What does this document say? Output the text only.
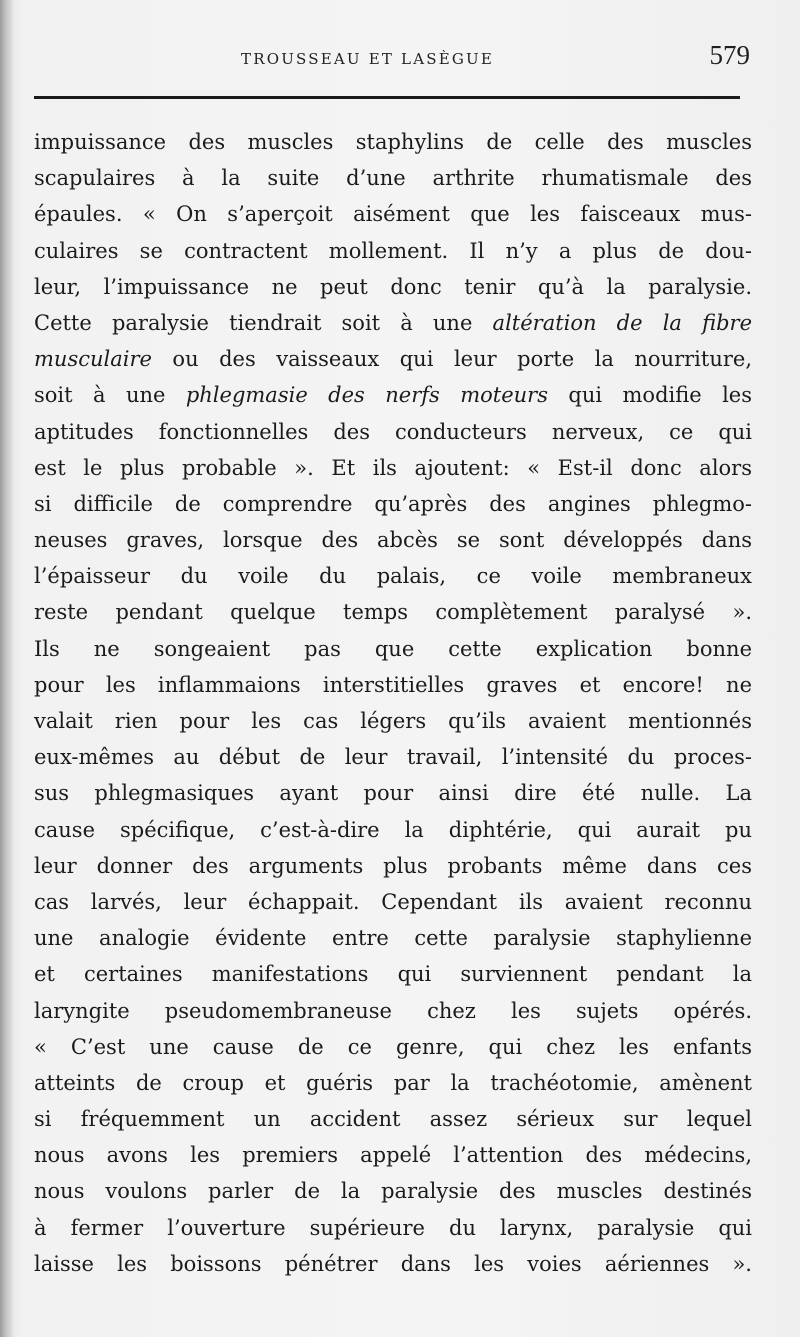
TROUSSEAU ET LASÈGUE	579
impuissance des muscles staphylins de celle des muscles
scapulaires à la suite d’une arthrite rhumatismale des
épaules. « On s’aperçoit aisément que les faisceaux mus-
culaires se contractent mollement. Il n’y a plus de dou-
leur, l’impuissance ne peut donc tenir qu’à la paralysie.
Cette paralysie tiendrait soit à une altération de la fibre
musculaire ou des vaisseaux qui leur porte la nourriture,
soit à une phlegmasie des nerfs moteurs qui modifie les
aptitudes fonctionnelles des conducteurs nerveux, ce qui
est le plus probable ». Et ils ajoutent: « Est-il donc alors
si difficile de comprendre qu’après des angines phlegmo-
neuses graves, lorsque des abcès se sont développés dans
l’épaisseur du voile du palais, ce voile membraneux
reste pendant quelque temps complètement paralysé ».
Ils ne songeaient pas que cette explication bonne
pour les inflammaions interstitielles graves et encore! ne
valait rien pour les cas légers qu’ils avaient mentionnés
eux-mêmes au début de leur travail, l’intensité du proces-
sus phlegmasiques ayant pour ainsi dire été nulle. La
cause spécifique, c’est-à-dire la diphtérie, qui aurait pu
leur donner des arguments plus probants même dans ces
cas larvés, leur échappait. Cependant ils avaient reconnu
une analogie évidente entre cette paralysie staphylienne
et certaines manifestations qui surviennent pendant la
laryngite pseudomembraneuse chez les sujets opérés.
« C’est une cause de ce genre, qui chez les enfants
atteints de croup et guéris par la trachéotomie, amènent
si fréquemment un accident assez sérieux sur lequel
nous avons les premiers appelé l’attention des médecins,
nous voulons parler de la paralysie des muscles destinés
à fermer l’ouverture supérieure du larynx, paralysie qui
laisse les boissons pénétrer dans les voies aériennes ».
